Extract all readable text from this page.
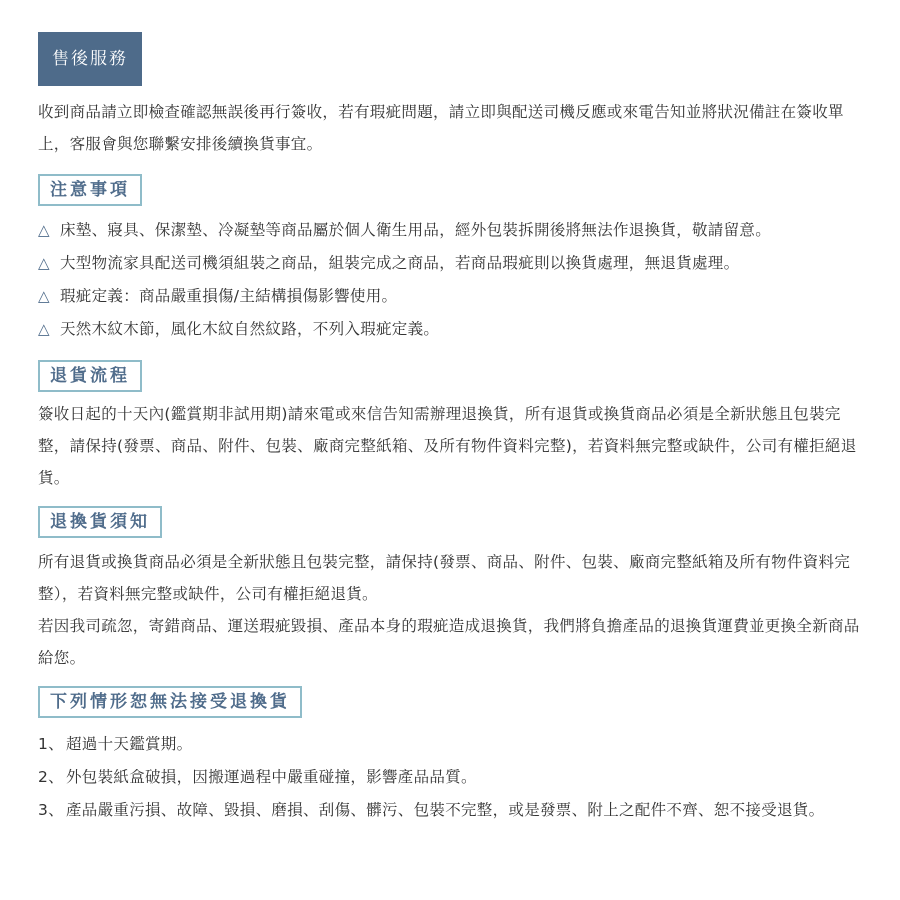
售後服務

收到商品請立即檢查確認無誤後再行簽收，若有瑕疵問題，請立即與配送司機反應或來電告知並將狀況備註在簽收單上，客服會與您聯繫安排後續換貨事宜。

注意事項
△ 床墊、寢具、保潔墊、冷凝墊等商品屬於個人衛生用品，經外包裝拆開後將無法作退換貨，敬請留意。
△ 大型物流家具配送司機須組裝之商品，組裝完成之商品，若商品瑕疵則以換貨處理，無退貨處理。
△ 瑕疵定義：商品嚴重損傷/主結構損傷影響使用。
△ 天然木紋木節，風化木紋自然紋路，不列入瑕疵定義。
退貨流程

簽收日起的十天內(鑑賞期非試用期)請來電或來信告知需辦理退換貨，所有退貨或換貨商品必須是全新狀態且包裝完整，請保持(發票、商品、附件、包裝、廠商完整紙箱、及所有物件資料完整)，若資料無完整或缺件，公司有權拒絕退貨。

退換貨須知

所有退貨或換貨商品必須是全新狀態且包裝完整，請保持(發票、商品、附件、包裝、廠商完整紙箱及所有物件資料完整），若資料無完整或缺件，公司有權拒絕退貨。

若因我司疏忽，寄錯商品、運送瑕疵毀損、產品本身的瑕疵造成退換貨，我們將負擔產品的退換貨運費並更換全新商品給您。

下列情形恕無法接受退換貨
1、 超過十天鑑賞期。
2、 外包裝紙盒破損，因搬運過程中嚴重碰撞，影響產品品質。
3、 產品嚴重污損、故障、毀損、磨損、刮傷、髒污、包裝不完整，或是發票、附上之配件不齊、恕不接受退貨。
